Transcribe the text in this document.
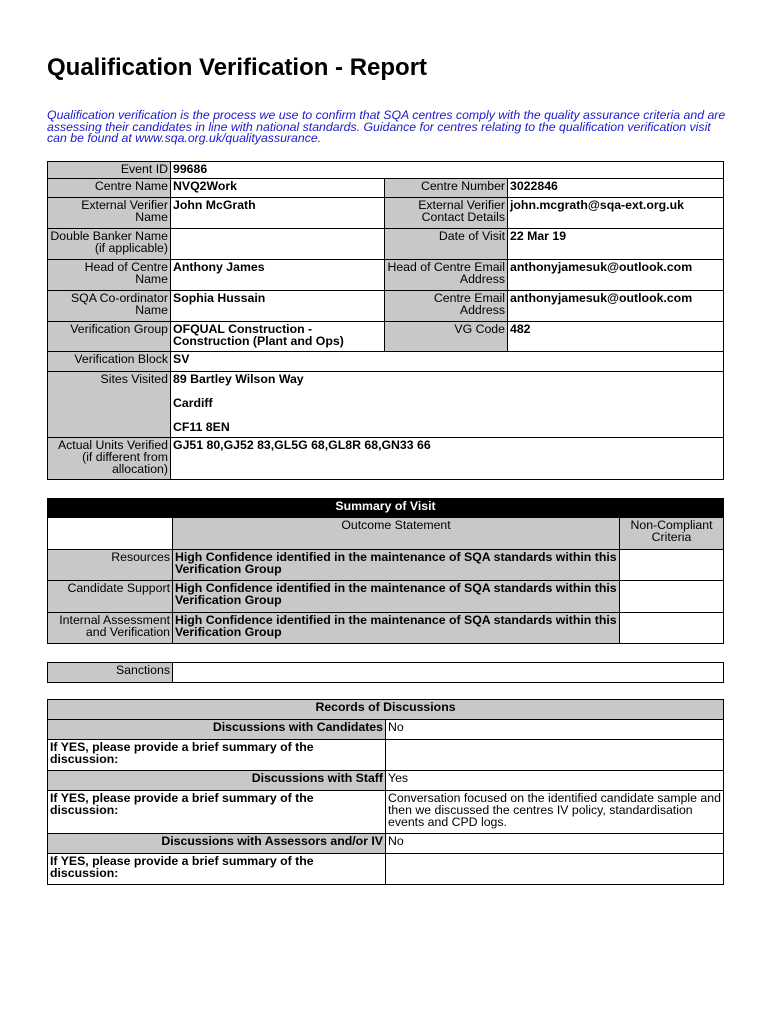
Qualification Verification - Report
Qualification verification is the process we use to confirm that SQA centres comply with the quality assurance criteria and are assessing their candidates in line with national standards. Guidance for centres relating to the qualification verification visit can be found at www.sqa.org.uk/qualityassurance.
Event ID	99686		
Centre Name	NVQ2Work	Centre Number	3022846
External Verifier Name	John McGrath	External Verifier Contact Details	john.mcgrath@sqa-ext.org.uk
Double Banker Name (if applicable)		Date of Visit	22 Mar 19
Head of Centre Name	Anthony James	Head of Centre Email Address	anthonyjamesuk@outlook.com
SQA Co-ordinator Name	Sophia Hussain	Centre Email Address	anthonyjamesuk@outlook.com
Verification Group	OFQUAL Construction - Construction (Plant and Ops)	VG Code	482
Verification Block	SV		
Sites Visited	89 Bartley Wilson Way
Cardiff
CF11 8EN		
Actual Units Verified (if different from allocation)	GJ51 80,GJ52 83,GL5G 68,GL8R 68,GN33 66		
Summary of Visit		
	Outcome Statement	Non-Compliant Criteria
Resources	High Confidence identified in the maintenance of SQA standards within this Verification Group	
Candidate Support	High Confidence identified in the maintenance of SQA standards within this Verification Group	
Internal Assessment and Verification	High Confidence identified in the maintenance of SQA standards within this Verification Group	
Sanctions	
Records of Discussions	
Discussions with Candidates	No
If YES, please provide a brief summary of the discussion:	
Discussions with Staff	Yes
If YES, please provide a brief summary of the discussion:	Conversation focused on the identified candidate sample and then we discussed the centres IV policy, standardisation events and CPD logs.
Discussions with Assessors and/or IV	No
If YES, please provide a brief summary of the discussion:	
